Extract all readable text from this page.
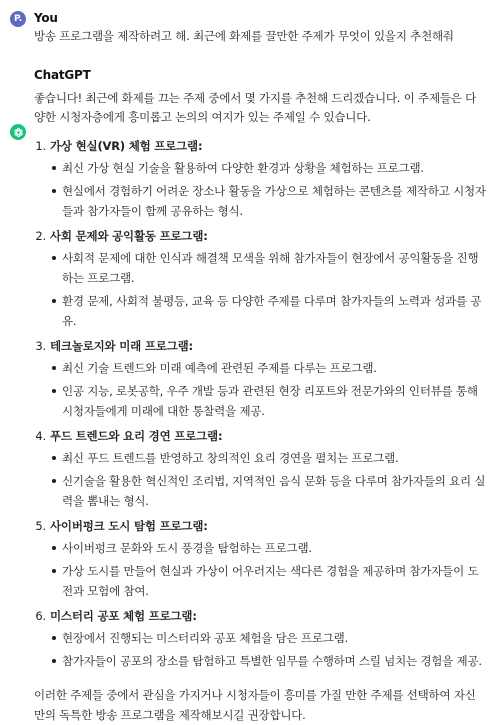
P. You
방송 프로그램을 제작하려고 해. 최근에 화제를 끌만한 주제가 무엇이 있을지 추천해줘
ChatGPT
좋습니다! 최근에 화제를 끄는 주제 중에서 몇 가지를 추천해 드리겠습니다. 이 주제들은 다양한 시청자층에게 흥미롭고 논의의 여지가 있는 주제일 수 있습니다.
1. 가상 현실(VR) 체험 프로그램:
최신 가상 현실 기술을 활용하여 다양한 환경과 상황을 체험하는 프로그램.
현실에서 경험하기 어려운 장소나 활동을 가상으로 체험하는 콘텐츠를 제작하고 시청자들과 참가자들이 함께 공유하는 형식.
2. 사회 문제와 공익활동 프로그램:
사회적 문제에 대한 인식과 해결책 모색을 위해 참가자들이 현장에서 공익활동을 진행하는 프로그램.
환경 문제, 사회적 불평등, 교육 등 다양한 주제를 다루며 참가자들의 노력과 성과를 공유.
3. 테크놀로지와 미래 프로그램:
최신 기술 트렌드와 미래 예측에 관련된 주제를 다루는 프로그램.
인공 지능, 로봇공학, 우주 개발 등과 관련된 현장 리포트와 전문가와의 인터뷰를 통해 시청자들에게 미래에 대한 통찰력을 제공.
4. 푸드 트렌드와 요리 경연 프로그램:
최신 푸드 트렌드를 반영하고 창의적인 요리 경연을 펼치는 프로그램.
신기술을 활용한 혁신적인 조리법, 지역적인 음식 문화 등을 다루며 참가자들의 요리 실력을 뽐내는 형식.
5. 사이버펑크 도시 탐험 프로그램:
사이버펑크 문화와 도시 풍경을 탐험하는 프로그램.
가상 도시를 만들어 현실과 가상이 어우러지는 색다른 경험을 제공하며 참가자들이 도전과 모험에 참여.
6. 미스터리 공포 체험 프로그램:
현장에서 진행되는 미스터리와 공포 체험을 담은 프로그램.
참가자들이 공포의 장소를 탐험하고 특별한 임무를 수행하며 스릴 넘치는 경험을 제공.
이러한 주제들 중에서 관심을 가지거나 시청자들이 흥미를 가질 만한 주제를 선택하여 자신만의 독특한 방송 프로그램을 제작해보시길 권장합니다.
